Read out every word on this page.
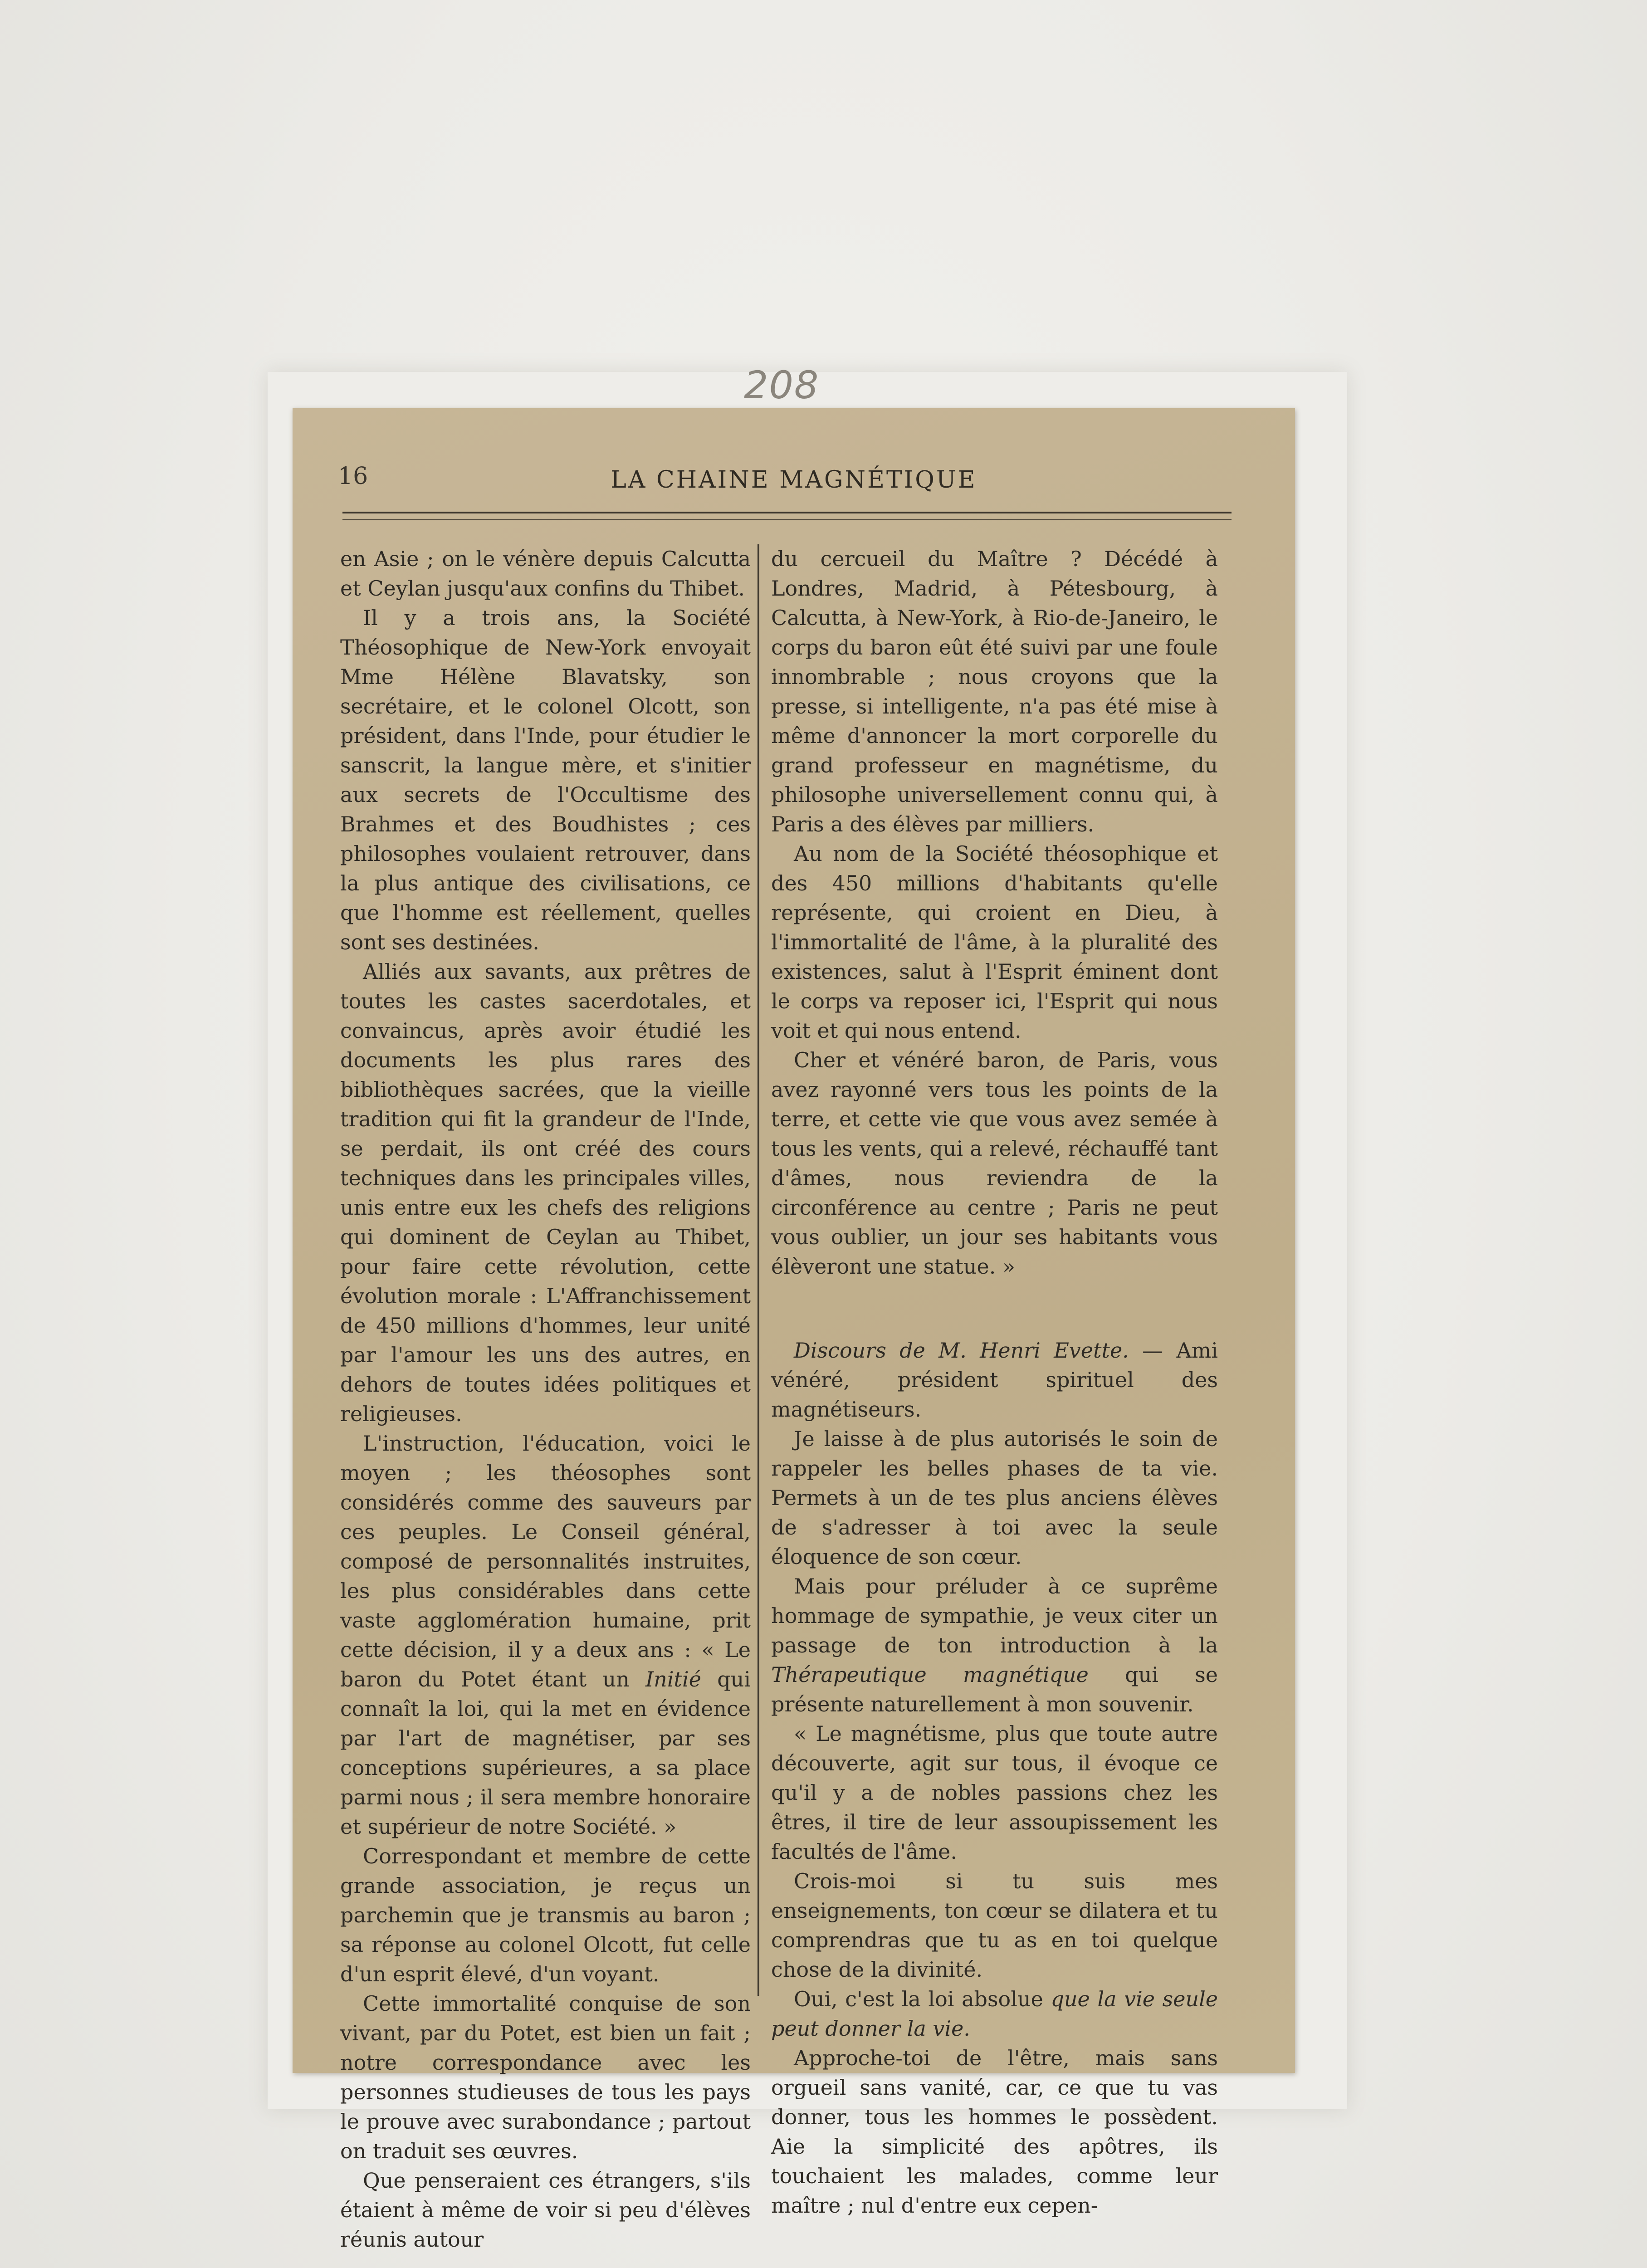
208
16	LA CHAINE MAGNÉTIQUE

en Asie ; on le vénère depuis Calcutta et Ceylan jusqu'aux confins du Thibet.

Il y a trois ans, la Société Théosophique de New-York envoyait Mme Hélène Blavatsky, son secrétaire, et le colonel Olcott, son président, dans l'Inde, pour étudier le sanscrit, la langue mère, et s'initier aux secrets de l'Occultisme des Brahmes et des Boudhistes ; ces philosophes voulaient retrouver, dans la plus antique des civilisations, ce que l'homme est réellement, quelles sont ses destinées.

Alliés aux savants, aux prêtres de toutes les castes sacerdotales, et convaincus, après avoir étudié les documents les plus rares des bibliothèques sacrées, que la vieille tradition qui fit la grandeur de l'Inde, se perdait, ils ont créé des cours techniques dans les principales villes, unis entre eux les chefs des religions qui dominent de Ceylan au Thibet, pour faire cette révolution, cette évolution morale : L'Affranchissement de 450 millions d'hommes, leur unité par l'amour les uns des autres, en dehors de toutes idées politiques et religieuses.

L'instruction, l'éducation, voici le moyen ; les théosophes sont considérés comme des sauveurs par ces peuples. Le Conseil général, composé de personnalités instruites, les plus considérables dans cette vaste agglomération humaine, prit cette décision, il y a deux ans : « Le baron du Potet étant un Initié qui connaît la loi, qui la met en évidence par l'art de magnétiser, par ses conceptions supérieures, a sa place parmi nous ; il sera membre honoraire et supérieur de notre Société. »

Correspondant et membre de cette grande association, je reçus un parchemin que je transmis au baron ; sa réponse au colonel Olcott, fut celle d'un esprit élevé, d'un voyant.

Cette immortalité conquise de son vivant, par du Potet, est bien un fait ; notre correspondance avec les personnes studieuses de tous les pays le prouve avec surabondance ; partout on traduit ses œuvres.

Que penseraient ces étrangers, s'ils étaient à même de voir si peu d'élèves réunis autour

du cercueil du Maître ? Décédé à Londres, Madrid, à Pétesbourg, à Calcutta, à New-York, à Rio-de-Janeiro, le corps du baron eût été suivi par une foule innombrable ; nous croyons que la presse, si intelligente, n'a pas été mise à même d'annoncer la mort corporelle du grand professeur en magnétisme, du philosophe universellement connu qui, à Paris a des élèves par milliers.

Au nom de la Société théosophique et des 450 millions d'habitants qu'elle représente, qui croient en Dieu, à l'immortalité de l'âme, à la pluralité des existences, salut à l'Esprit éminent dont le corps va reposer ici, l'Esprit qui nous voit et qui nous entend.

Cher et vénéré baron, de Paris, vous avez rayonné vers tous les points de la terre, et cette vie que vous avez semée à tous les vents, qui a relevé, réchauffé tant d'âmes, nous reviendra de la circonférence au centre ; Paris ne peut vous oublier, un jour ses habitants vous élèveront une statue. »

Discours de M. Henri Evette. — Ami vénéré, président spirituel des magnétiseurs.

Je laisse à de plus autorisés le soin de rappeler les belles phases de ta vie. Permets à un de tes plus anciens élèves de s'adresser à toi avec la seule éloquence de son cœur.

Mais pour préluder à ce suprême hommage de sympathie, je veux citer un passage de ton introduction à la Thérapeutique magnétique qui se présente naturellement à mon souvenir.

« Le magnétisme, plus que toute autre découverte, agit sur tous, il évoque ce qu'il y a de nobles passions chez les êtres, il tire de leur assoupissement les facultés de l'âme.

Crois-moi si tu suis mes enseignements, ton cœur se dilatera et tu comprendras que tu as en toi quelque chose de la divinité.

Oui, c'est la loi absolue que la vie seule peut donner la vie.

Approche-toi de l'être, mais sans orgueil sans vanité, car, ce que tu vas donner, tous les hommes le possèdent. Aie la simplicité des apôtres, ils touchaient les malades, comme leur maître ; nul d'entre eux cepen-
